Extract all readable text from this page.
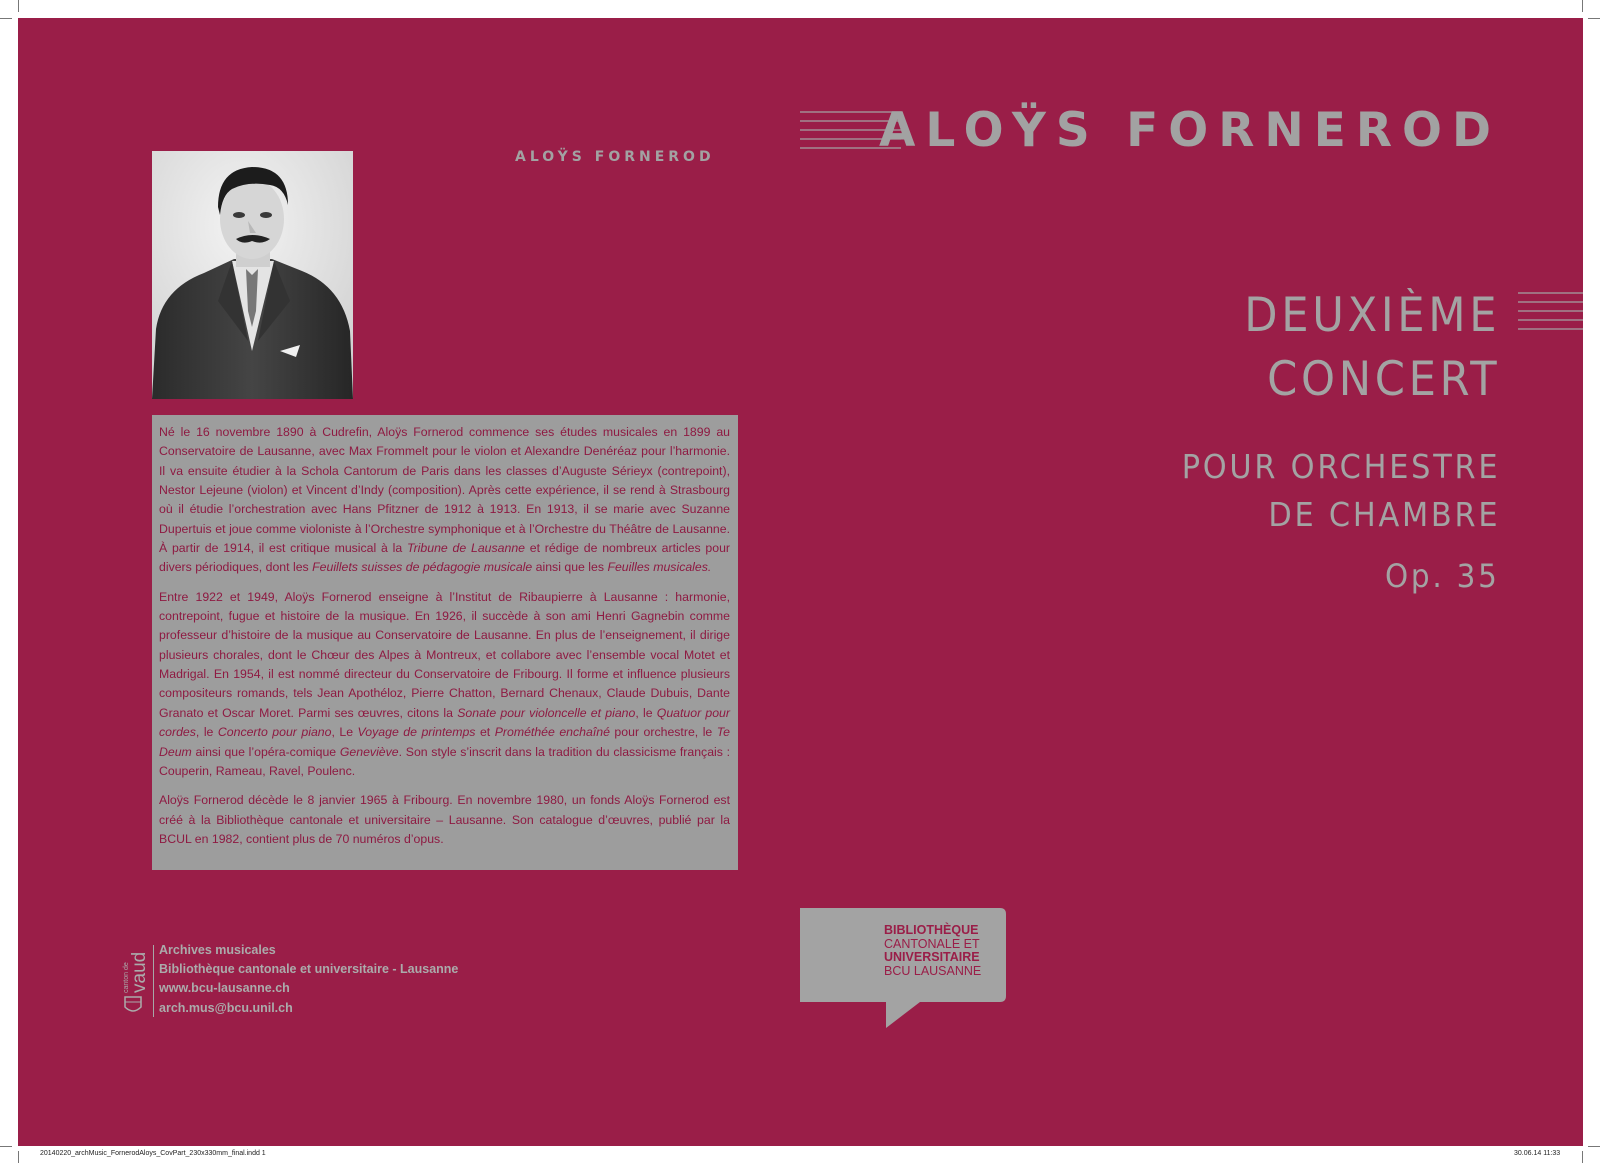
ALOŸS FORNEROD

Né le 16 novembre 1890 à Cudrefin, Aloÿs Fornerod commence ses études musicales en 1899 au Conservatoire de Lausanne, avec Max Frommelt pour le violon et Alexandre Denéréaz pour l’harmonie. Il va ensuite étudier à la Schola Cantorum de Paris dans les classes d’Auguste Sérieyx (contrepoint), Nestor Lejeune (violon) et Vincent d’Indy (composition). Après cette expérience, il se rend à Strasbourg où il étudie l’orchestration avec Hans Pfitzner de 1912 à 1913. En 1913, il se marie avec Suzanne Dupertuis et joue comme violoniste à l’Orchestre symphonique et à l’Orchestre du Théâtre de Lausanne. À partir de 1914, il est critique musical à la Tribune de Lausanne et rédige de nombreux articles pour divers périodiques, dont les Feuillets suisses de pédagogie musicale ainsi que les Feuilles musicales.

Entre 1922 et 1949, Aloÿs Fornerod enseigne à l’Institut de Ribaupierre à Lausanne : harmonie, contrepoint, fugue et histoire de la musique. En 1926, il succède à son ami Henri Gagnebin comme professeur d’histoire de la musique au Conservatoire de Lausanne. En plus de l’enseignement, il dirige plusieurs chorales, dont le Chœur des Alpes à Montreux, et collabore avec l’ensemble vocal Motet et Madrigal. En 1954, il est nommé directeur du Conservatoire de Fribourg. Il forme et influence plusieurs compositeurs romands, tels Jean Apothéloz, Pierre Chatton, Bernard Chenaux, Claude Dubuis, Dante Granato et Oscar Moret. Parmi ses œuvres, citons la Sonate pour violoncelle et piano, le Quatuor pour cordes, le Concerto pour piano, Le Voyage de printemps et Prométhée enchaîné pour orchestre, le Te Deum ainsi que l’opéra-comique Geneviève. Son style s’inscrit dans la tradition du classicisme français : Couperin, Rameau, Ravel, Poulenc.

Aloÿs Fornerod décède le 8 janvier 1965 à Fribourg. En novembre 1980, un fonds Aloÿs Fornerod est créé à la Bibliothèque cantonale et universitaire – Lausanne. Son catalogue d’œuvres, publié par la BCUL en 1982, contient plus de 70 numéros d’opus.

canton de vaud
Archives musicales
Bibliothèque cantonale et universitaire - Lausanne
www.bcu-lausanne.ch
arch.mus@bcu.unil.ch
ALOŸS FORNEROD
DEUXIÈME
CONCERT
POUR ORCHESTRE
DE CHAMBRE
Op. 35
BIBLIOTHÈQUE
CANTONALE ET
UNIVERSITAIRE
BCU LAUSANNE
20140220_archMusic_FornerodAloys_CovPart_230x330mm_final.indd 1	30.06.14 11:33
